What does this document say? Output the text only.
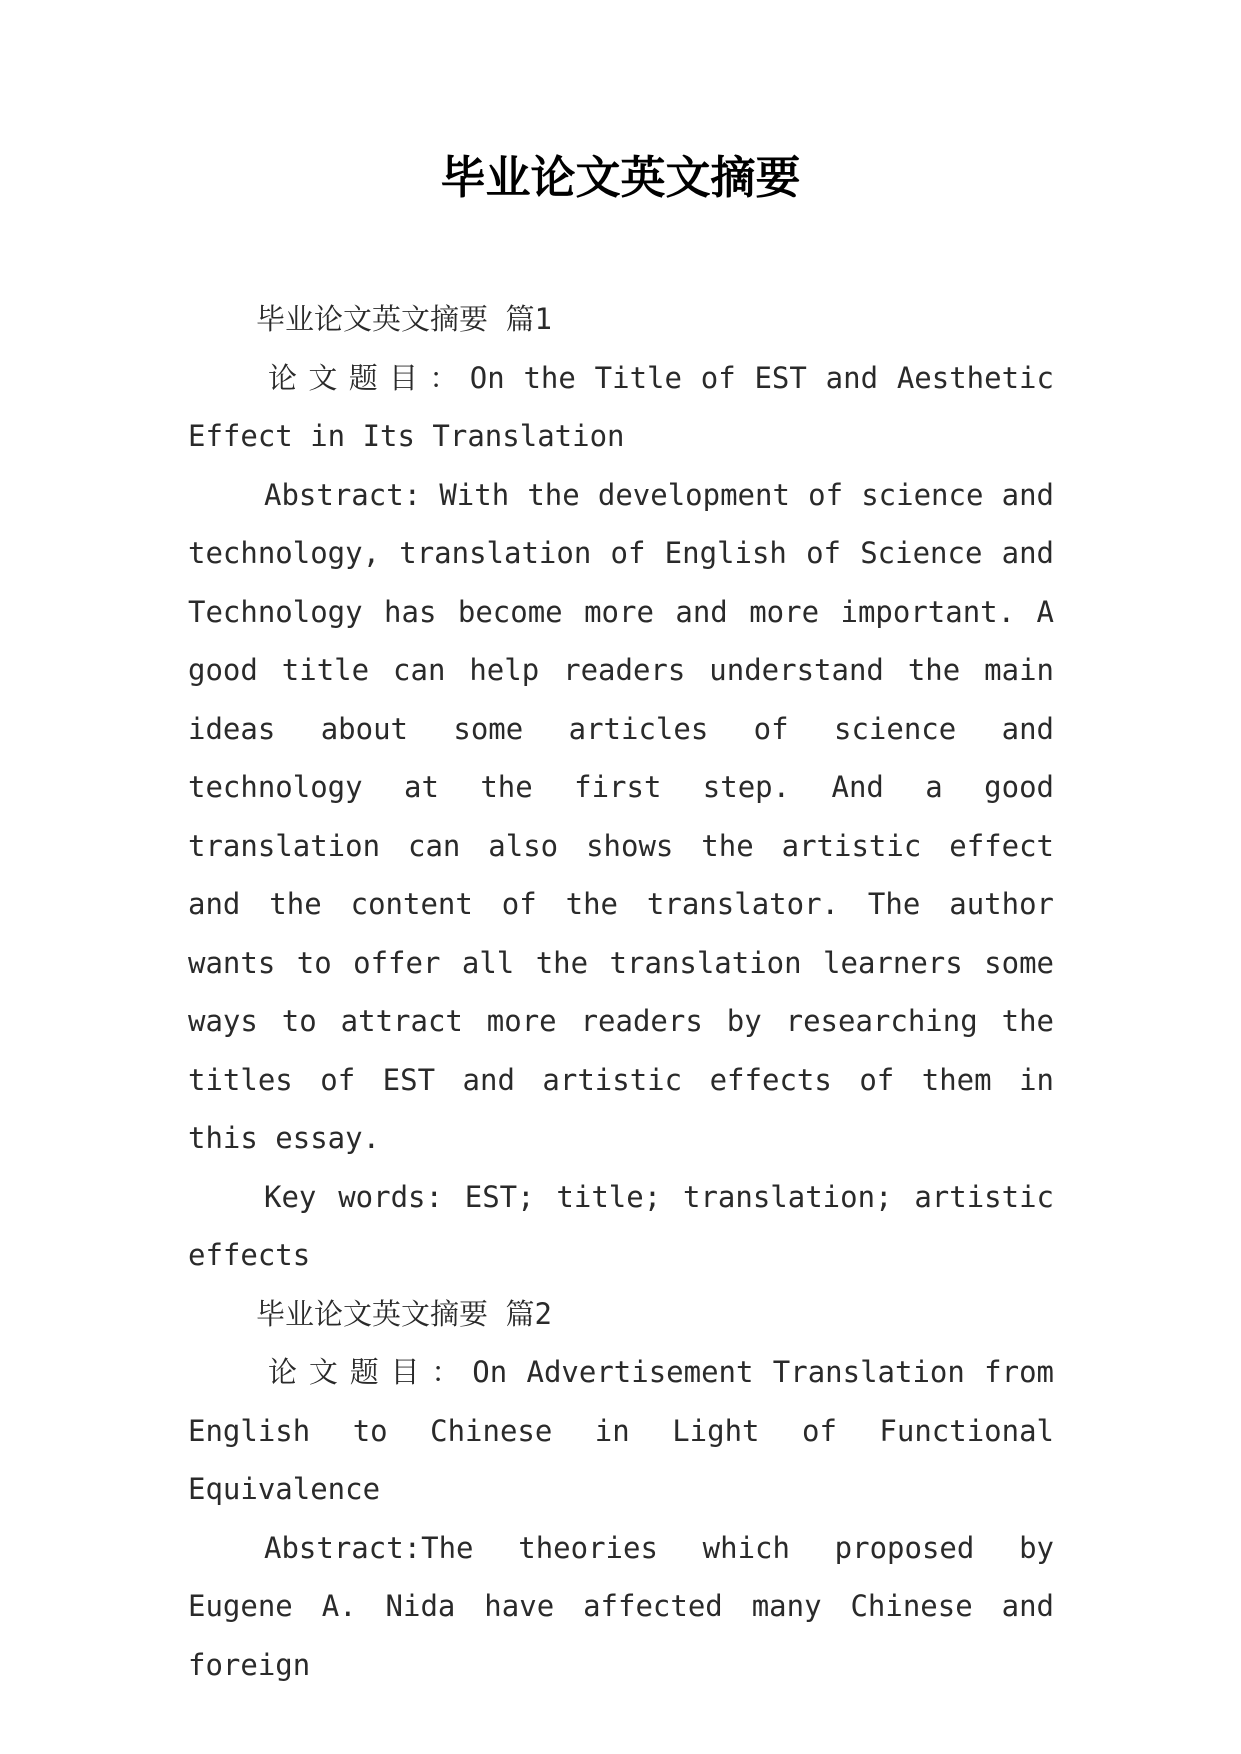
毕业论文英文摘要

毕业论文英文摘要 篇1

论文题目：On the Title of EST and Aesthetic Effect in Its Translation

Abstract: With the development of science and technology, translation of English of Science and Technology has become more and more important. A good title can help readers understand the main ideas about some articles of science and technology at the first step. And a good translation can also shows the artistic effect and the content of the translator. The author wants to offer all the translation learners some ways to attract more readers by researching the titles of EST and artistic effects of them in this essay.

Key words: EST; title; translation; artistic effects

毕业论文英文摘要 篇2

论文题目：On Advertisement Translation from English to Chinese in Light of Functional Equivalence

Abstract:The theories which proposed by Eugene A. Nida have affected many Chinese and foreign
